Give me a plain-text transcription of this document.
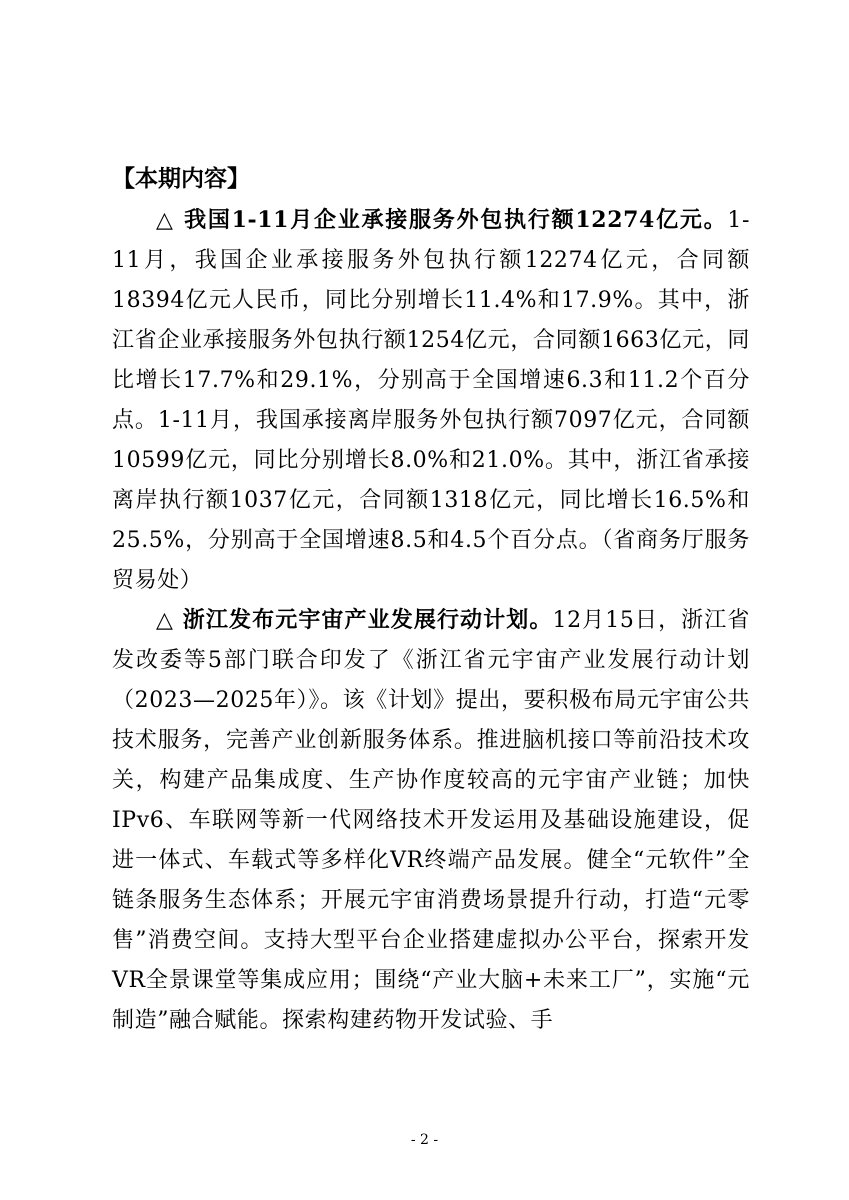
【本期内容】

△ 我国1-11月企业承接服务外包执行额12274亿元。1-11月，我国企业承接服务外包执行额12274亿元，合同额18394亿元人民币，同比分别增长11.4%和17.9%。其中，浙江省企业承接服务外包执行额1254亿元，合同额1663亿元，同比增长17.7%和29.1%，分别高于全国增速6.3和11.2个百分点。1-11月，我国承接离岸服务外包执行额7097亿元，合同额10599亿元，同比分别增长8.0%和21.0%。其中，浙江省承接离岸执行额1037亿元，合同额1318亿元，同比增长16.5%和25.5%，分别高于全国增速8.5和4.5个百分点。（省商务厅服务贸易处）

△ 浙江发布元宇宙产业发展行动计划。12月15日，浙江省发改委等5部门联合印发了《浙江省元宇宙产业发展行动计划（2023—2025年）》。该《计划》提出，要积极布局元宇宙公共技术服务，完善产业创新服务体系。推进脑机接口等前沿技术攻关，构建产品集成度、生产协作度较高的元宇宙产业链；加快IPv6、车联网等新一代网络技术开发运用及基础设施建设，促进一体式、车载式等多样化VR终端产品发展。健全“元软件”全链条服务生态体系；开展元宇宙消费场景提升行动，打造“元零售”消费空间。支持大型平台企业搭建虚拟办公平台，探索开发VR全景课堂等集成应用；围绕“产业大脑+未来工厂”，实施“元制造”融合赋能。探索构建药物开发试验、手

- 2 -
